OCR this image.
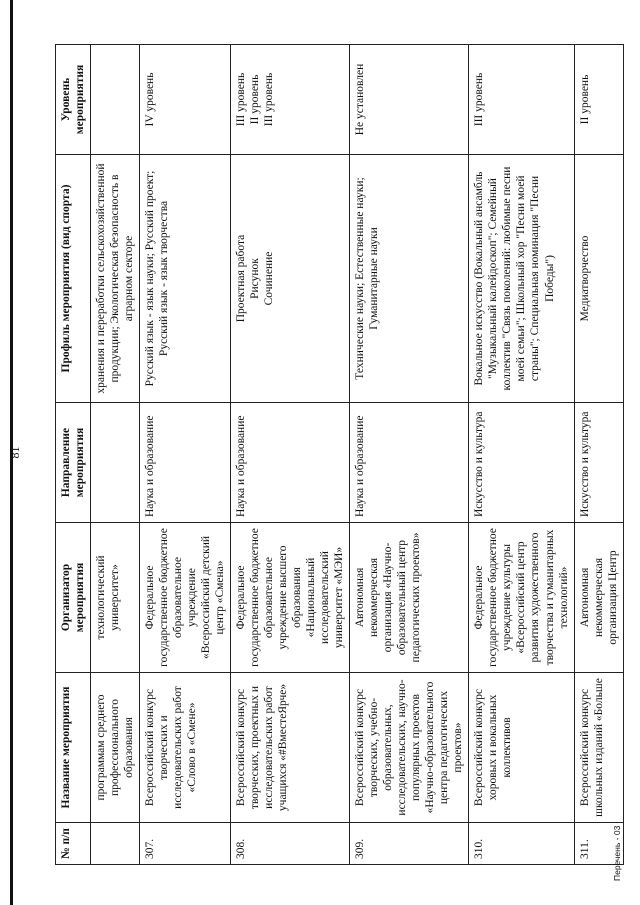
81
№ п/п	Название мероприятия	Организатор мероприятия	Направление мероприятия	Профиль мероприятия (вид спорта)	Уровень мероприятия
	программам среднего профессионального образования	технологический университет»		хранения и переработки сельскохозяйственной продукции; Экологическая безопасность в аграрном секторе	

307.	Всероссийский конкурс творческих и исследовательских работ «Слово в «Смене»	Федеральное государственное бюджетное образовательное учреждение «Всероссийский детский центр «Смена»	Наука и образование	Русский язык - язык науки; Русский проект; Русский язык - язык творчества	IV уровень

308.	Всероссийский конкурс творческих, проектных и исследовательских работ учащихся «#ВместеЯрче»	Федеральное государственное бюджетное образовательное учреждение высшего образования «Национальный исследовательский университет «МЭИ»	Наука и образование	Проектная работа Рисунок Сочинение	III уровень II уровень III уровень

309.	Всероссийский конкурс творческих, учебно-образовательных, исследовательских, научно-популярных проектов «Научно-образовательного центра педагогических проектов»	Автономная некоммерческая организация «Научно-образовательный центр педагогических проектов»	Наука и образование	Технические науки; Естественные науки; Гуманитарные науки	Не установлен

310.	Всероссийский конкурс хоровых и вокальных коллективов	Федеральное государственное бюджетное учреждение культуры «Всероссийский центр развития художественного творчества и гуманитарных технологий»	Искусство и культура	Вокальное искусство (Вокальный ансамбль "Музыкальный калейдоскоп"; Семейный коллектив "Связь поколений: любимые песни моей семьи"; Школьный хор "Песни моей страны"; Специальная номинация "Песни Победы")	III уровень

311.	Всероссийский конкурс школьных изданий «Больше	Автономная некоммерческая организация Центр	Искусство и культура	Медиатворчество	II уровень
Перечень - 03
